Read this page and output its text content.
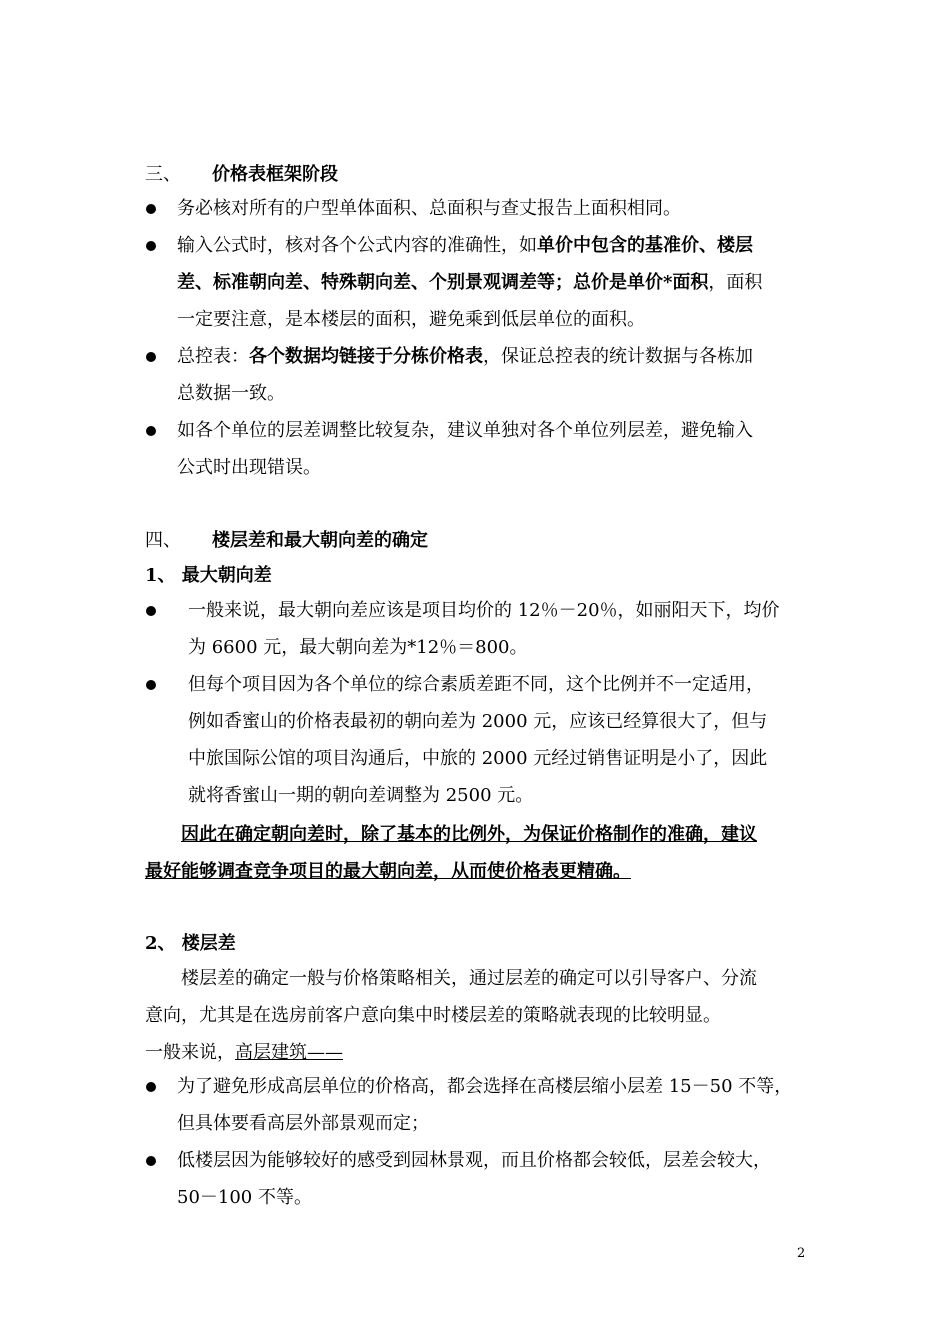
三、 价格表框架阶段
务必核对所有的户型单体面积、总面积与查丈报告上面积相同。
输入公式时，核对各个公式内容的准确性，如单价中包含的基准价、楼层
差、标准朝向差、特殊朝向差、个别景观调差等；总价是单价*面积，面积
一定要注意，是本楼层的面积，避免乘到低层单位的面积。
总控表：各个数据均链接于分栋价格表，保证总控表的统计数据与各栋加
总数据一致。
如各个单位的层差调整比较复杂，建议单独对各个单位列层差，避免输入
公式时出现错误。
四、 楼层差和最大朝向差的确定
1、 最大朝向差
一般来说，最大朝向差应该是项目均价的 12％－20％，如丽阳天下，均价
为 6600 元，最大朝向差为*12％＝800。
但每个项目因为各个单位的综合素质差距不同，这个比例并不一定适用，
例如香蜜山的价格表最初的朝向差为 2000 元，应该已经算很大了，但与
中旅国际公馆的项目沟通后，中旅的 2000 元经过销售证明是小了，因此
就将香蜜山一期的朝向差调整为 2500 元。
因此在确定朝向差时，除了基本的比例外，为保证价格制作的准确，建议
最好能够调查竞争项目的最大朝向差，从而使价格表更精确。
2、 楼层差
楼层差的确定一般与价格策略相关，通过层差的确定可以引导客户、分流
意向，尤其是在选房前客户意向集中时楼层差的策略就表现的比较明显。
一般来说，高层建筑——
为了避免形成高层单位的价格高，都会选择在高楼层缩小层差 15－50 不等，
但具体要看高层外部景观而定；
低楼层因为能够较好的感受到园林景观，而且价格都会较低，层差会较大，
50－100 不等。
2
